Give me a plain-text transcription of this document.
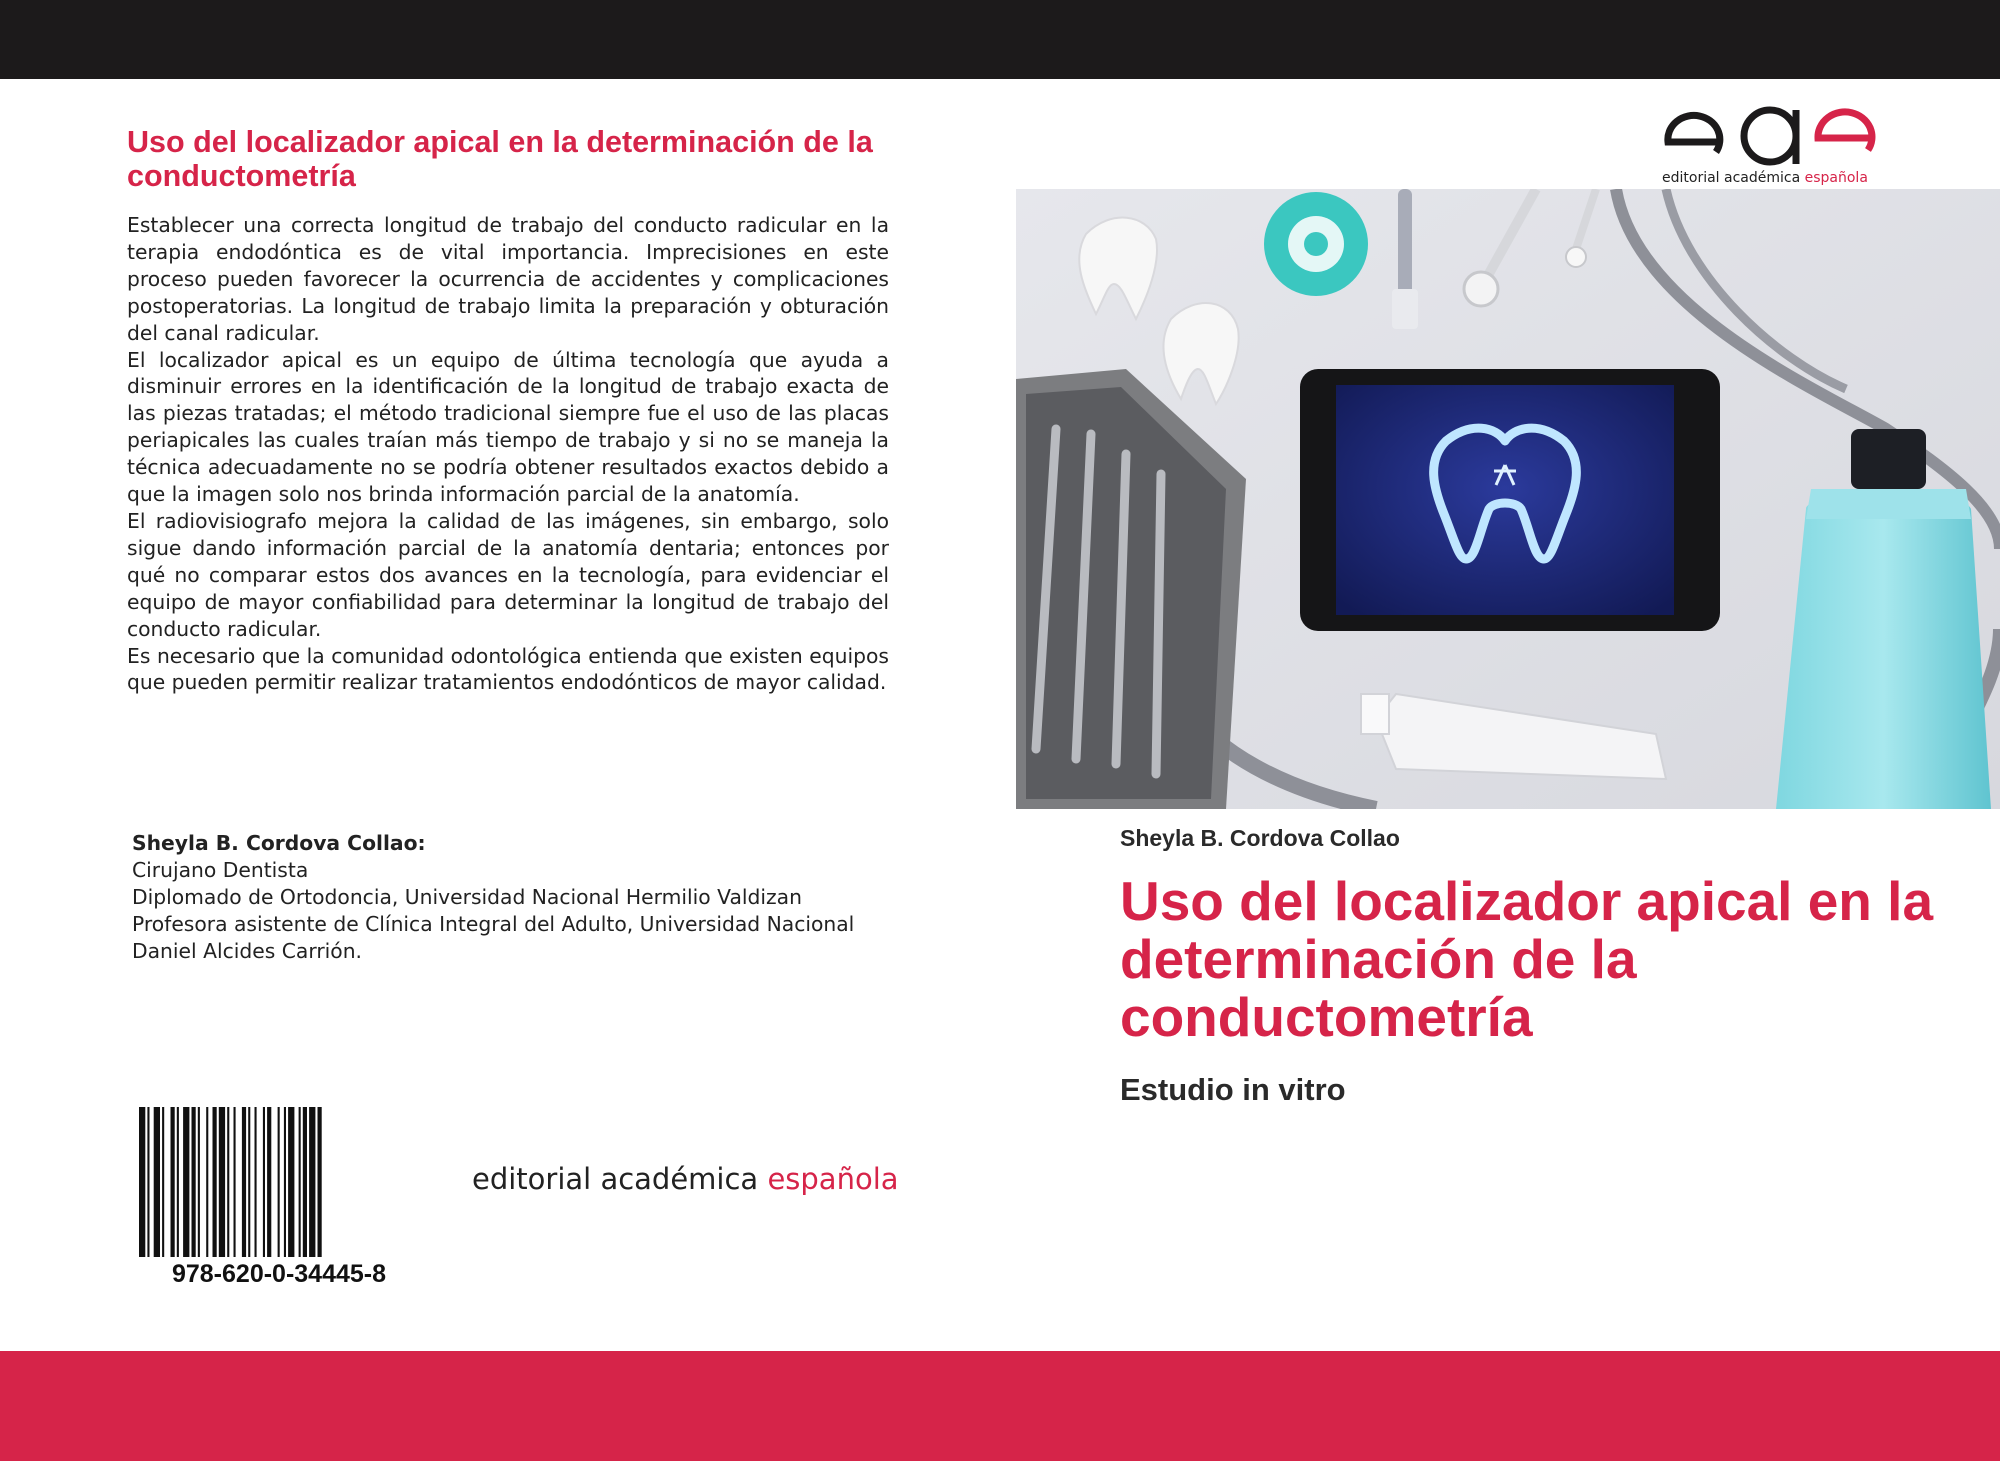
Uso del localizador apical en la determinación de la conductometría

Establecer una correcta longitud de trabajo del conducto radicular en la terapia endodóntica es de vital importancia. Imprecisiones en este proceso pueden favorecer la ocurrencia de accidentes y complicaciones postoperatorias. La longitud de trabajo limita la preparación y obturación del canal radicular.

El localizador apical es un equipo de última tecnología que ayuda a disminuir errores en la identificación de la longitud de trabajo exacta de las piezas tratadas; el método tradicional siempre fue el uso de las placas periapicales las cuales traían más tiempo de trabajo y si no se maneja la técnica adecuadamente no se podría obtener resultados exactos debido a que la imagen solo nos brinda información parcial de la anatomía.

El radiovisiografo mejora la calidad de las imágenes, sin embargo, solo sigue dando información parcial de la anatomía dentaria; entonces por qué no comparar estos dos avances en la tecnología, para evidenciar el equipo de mayor confiabilidad para determinar la longitud de trabajo del conducto radicular.

Es necesario que la comunidad odontológica entienda que existen equipos que pueden permitir realizar tratamientos endodónticos de mayor calidad.

Sheyla B. Cordova Collao:
Cirujano Dentista
Diplomado de Ortodoncia, Universidad Nacional Hermilio Valdizan
Profesora asistente de Clínica Integral del Adulto, Universidad Nacional
Daniel Alcides Carrión.
978-620-0-34445-8
editorial académica española
editorial académica española
Sheyla B. Cordova Collao
Uso del localizador apical en la determinación de la conductometría
Estudio in vitro
